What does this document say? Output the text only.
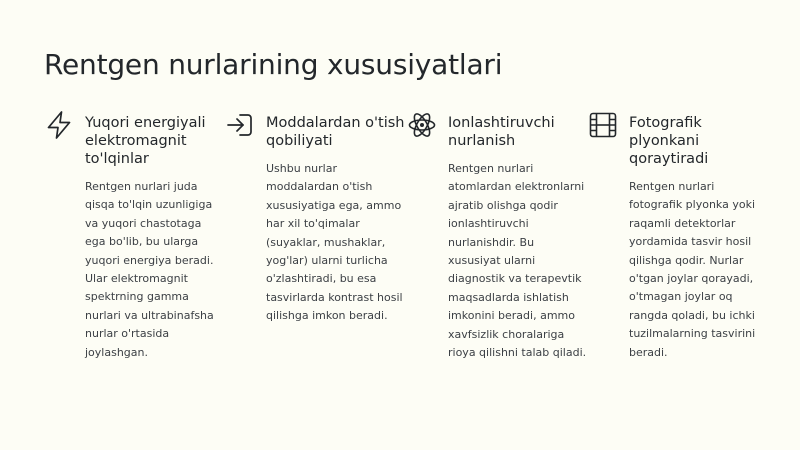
Rentgen nurlarining xususiyatlari
Yuqori energiyali elektromagnit to'lqinlar

Rentgen nurlari juda qisqa to'lqin uzunligiga va yuqori chastotaga ega bo'lib, bu ularga yuqori energiya beradi. Ular elektromagnit spektrning gamma nurlari va ultrabinafsha nurlar o'rtasida joylashgan.

Moddalardan o'tish qobiliyati

Ushbu nurlar moddalardan o'tish xususiyatiga ega, ammo har xil to'qimalar (suyaklar, mushaklar, yog'lar) ularni turlicha o'zlashtiradi, bu esa tasvirlarda kontrast hosil qilishga imkon beradi.

Ionlashtiruvchi nurlanish

Rentgen nurlari atomlardan elektronlarni ajratib olishga qodir ionlashtiruvchi nurlanishdir. Bu xususiyat ularni diagnostik va terapevtik maqsadlarda ishlatish imkonini beradi, ammo xavfsizlik choralariga rioya qilishni talab qiladi.

Fotografik plyonkani qoraytiradi

Rentgen nurlari fotografik plyonka yoki raqamli detektorlar yordamida tasvir hosil qilishga qodir. Nurlar o'tgan joylar qorayadi, o'tmagan joylar oq rangda qoladi, bu ichki tuzilmalarning tasvirini beradi.
